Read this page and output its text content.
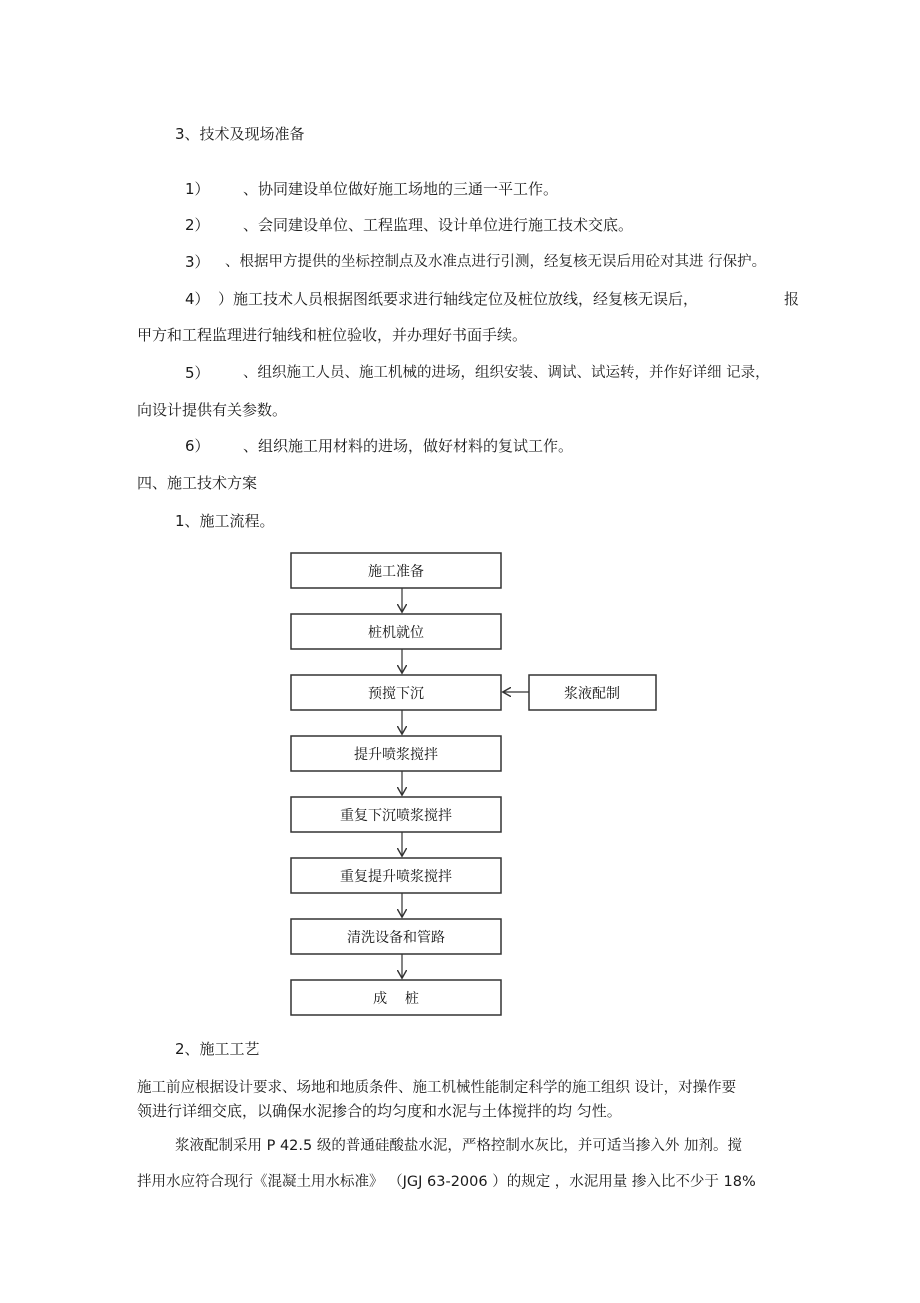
3、技术及现场准备
1） 、协同建设单位做好施工场地的三通一平工作。
2） 、会同建设单位、工程监理、设计单位进行施工技术交底。
3） 、根据甲方提供的坐标控制点及水准点进行引测，经复核无误后用砼对其进 行保护。
4） ）施工技术人员根据图纸要求进行轴线定位及桩位放线，经复核无误后，	报
甲方和工程监理进行轴线和桩位验收，并办理好书面手续。
5） 、组织施工人员、施工机械的进场，组织安装、调试、试运转，并作好详细 记录，
向设计提供有关参数。
6） 、组织施工用材料的进场，做好材料的复试工作。
四、施工技术方案
1、施工流程。
施工准备
桩机就位
预搅下沉	浆液配制
提升喷浆搅拌
重复下沉喷浆搅拌
重复提升喷浆搅拌
清洗设备和管路
成    桩
2、施工工艺
施工前应根据设计要求、场地和地质条件、施工机械性能制定科学的施工组织 设计，对操作要
领进行详细交底，以确保水泥掺合的均匀度和水泥与土体搅拌的均 匀性。
浆液配制采用 P 42.5 级的普通硅酸盐水泥，严格控制水灰比，并可适当掺入外 加剂。搅
拌用水应符合现行《混凝土用水标准》 （JGJ 63-2006 ）的规定 ，水泥用量 掺入比不少于 18%
